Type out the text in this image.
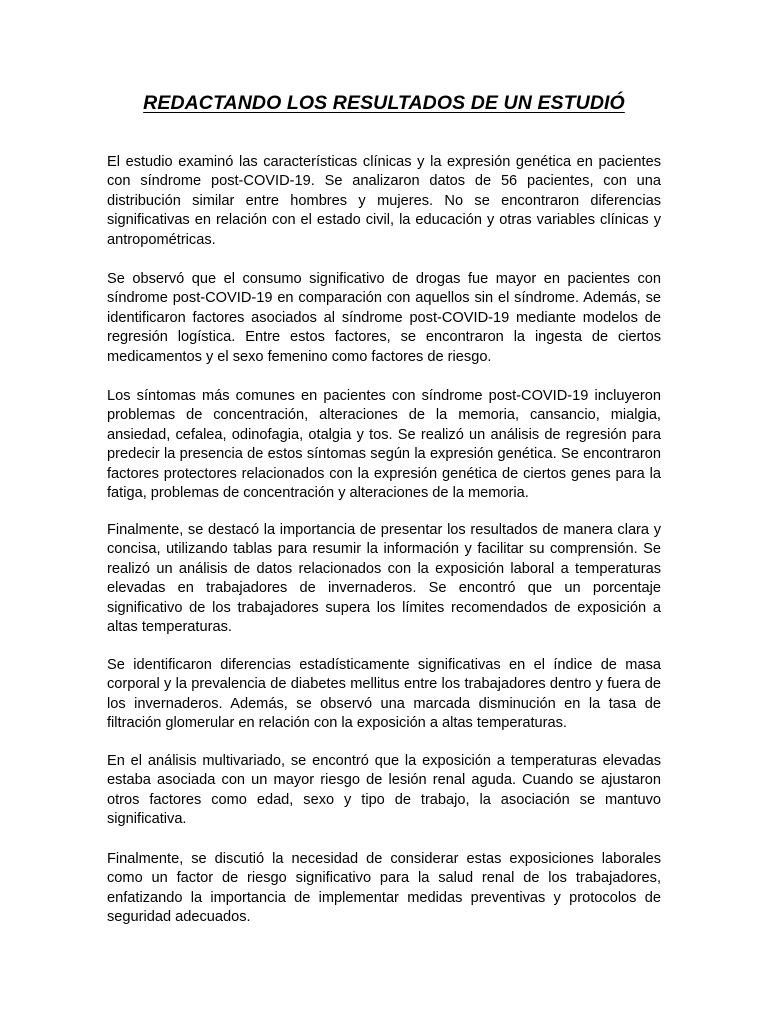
REDACTANDO LOS RESULTADOS DE UN ESTUDIÓ

El estudio examinó las características clínicas y la expresión genética en pacientes con síndrome post-COVID-19. Se analizaron datos de 56 pacientes, con una distribución similar entre hombres y mujeres. No se encontraron diferencias significativas en relación con el estado civil, la educación y otras variables clínicas y antropométricas.

Se observó que el consumo significativo de drogas fue mayor en pacientes con síndrome post-COVID-19 en comparación con aquellos sin el síndrome. Además, se identificaron factores asociados al síndrome post-COVID-19 mediante modelos de regresión logística. Entre estos factores, se encontraron la ingesta de ciertos medicamentos y el sexo femenino como factores de riesgo.

Los síntomas más comunes en pacientes con síndrome post-COVID-19 incluyeron problemas de concentración, alteraciones de la memoria, cansancio, mialgia, ansiedad, cefalea, odinofagia, otalgia y tos. Se realizó un análisis de regresión para predecir la presencia de estos síntomas según la expresión genética. Se encontraron factores protectores relacionados con la expresión genética de ciertos genes para la fatiga, problemas de concentración y alteraciones de la memoria.

Finalmente, se destacó la importancia de presentar los resultados de manera clara y concisa, utilizando tablas para resumir la información y facilitar su comprensión. Se realizó un análisis de datos relacionados con la exposición laboral a temperaturas elevadas en trabajadores de invernaderos. Se encontró que un porcentaje significativo de los trabajadores supera los límites recomendados de exposición a altas temperaturas.

Se identificaron diferencias estadísticamente significativas en el índice de masa corporal y la prevalencia de diabetes mellitus entre los trabajadores dentro y fuera de los invernaderos. Además, se observó una marcada disminución en la tasa de filtración glomerular en relación con la exposición a altas temperaturas.

En el análisis multivariado, se encontró que la exposición a temperaturas elevadas estaba asociada con un mayor riesgo de lesión renal aguda. Cuando se ajustaron otros factores como edad, sexo y tipo de trabajo, la asociación se mantuvo significativa.

Finalmente, se discutió la necesidad de considerar estas exposiciones laborales como un factor de riesgo significativo para la salud renal de los trabajadores, enfatizando la importancia de implementar medidas preventivas y protocolos de seguridad adecuados.
